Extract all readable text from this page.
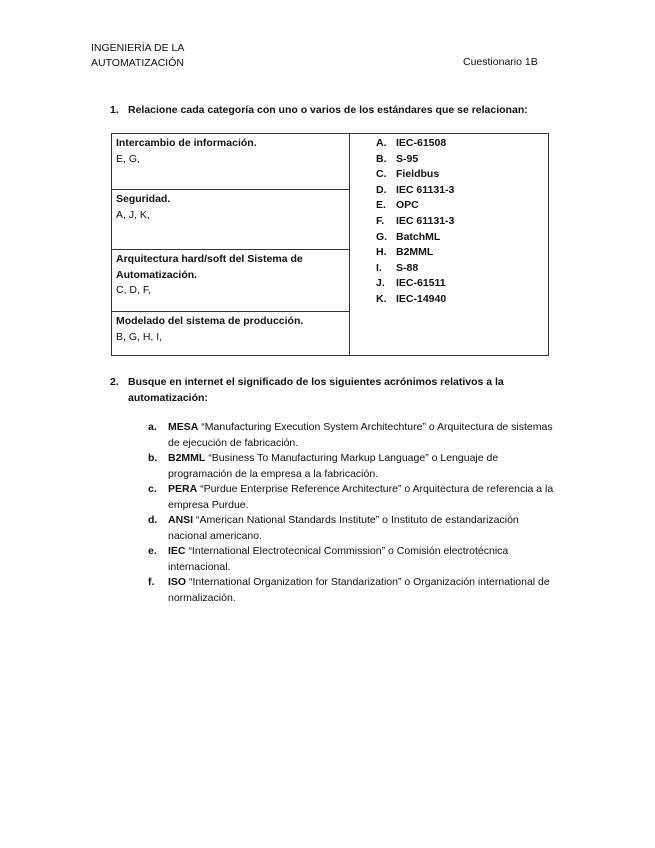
INGENIERÍA DE LA
AUTOMATIZACIÓN	Cuestionario 1B
1. Relacione cada categoría con uno o varios de los estándares que se relacionan:
Intercambio de información.
E, G,

A. IEC-61508
B. S-95
C. Fieldbus
D. IEC 61131-3
E. OPC
F. IEC 61131-3
G. BatchML
H. B2MML
I. S-88
J. IEC-61511
K. IEC-14940

Seguridad.
A, J, K,

Arquitectura hard/soft del Sistema de Automatización.
C, D, F,

Modelado del sistema de producción.
B, G, H, I,
2. Busque en internet el significado de los siguientes acrónimos relativos a la
automatización:
a. MESA “Manufacturing Execution System Architechture” o Arquitectura de sistemas de ejecución de fabricación.
b. B2MML “Business To Manufacturing Markup Language” o Lenguaje de programación de la empresa a la fabricación.
c. PERA “Purdue Enterprise Reference Architecture” o Arquitectura de referencia a la empresa Purdue.
d. ANSI “American National Standards Institute” o Instituto de estandarización nacional americano.
e. IEC “International Electrotecnical Commission” o Comisión electrotécnica internacional.
f. ISO “International Organization for Standarization” o Organización international de normalización.
